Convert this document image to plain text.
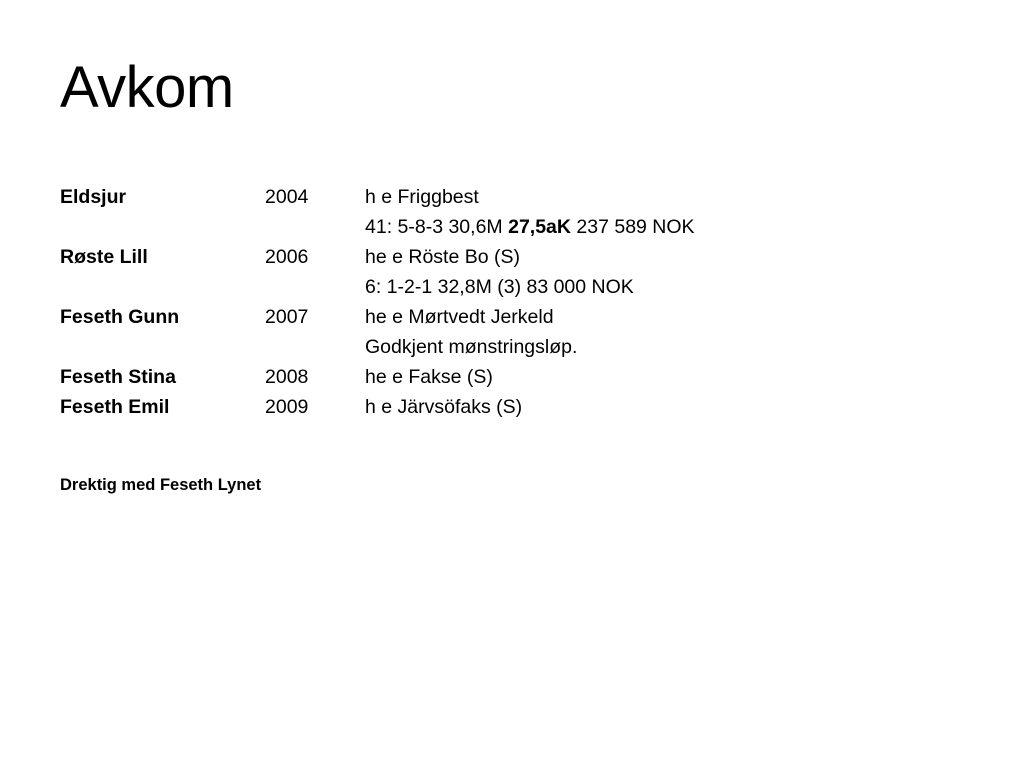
Avkom
Eldsjur	2004	h e Friggbest
		41: 5-8-3 30,6M 27,5aK 237 589 NOK
Røste Lill	2006	he e Röste Bo (S)
		6: 1-2-1 32,8M (3) 83 000 NOK
Feseth Gunn	2007	he e Mørtvedt Jerkeld
		Godkjent mønstringsløp.
Feseth Stina	2008	he e Fakse (S)
Feseth Emil	2009	h e Järvsöfaks (S)
Drektig med Feseth Lynet
